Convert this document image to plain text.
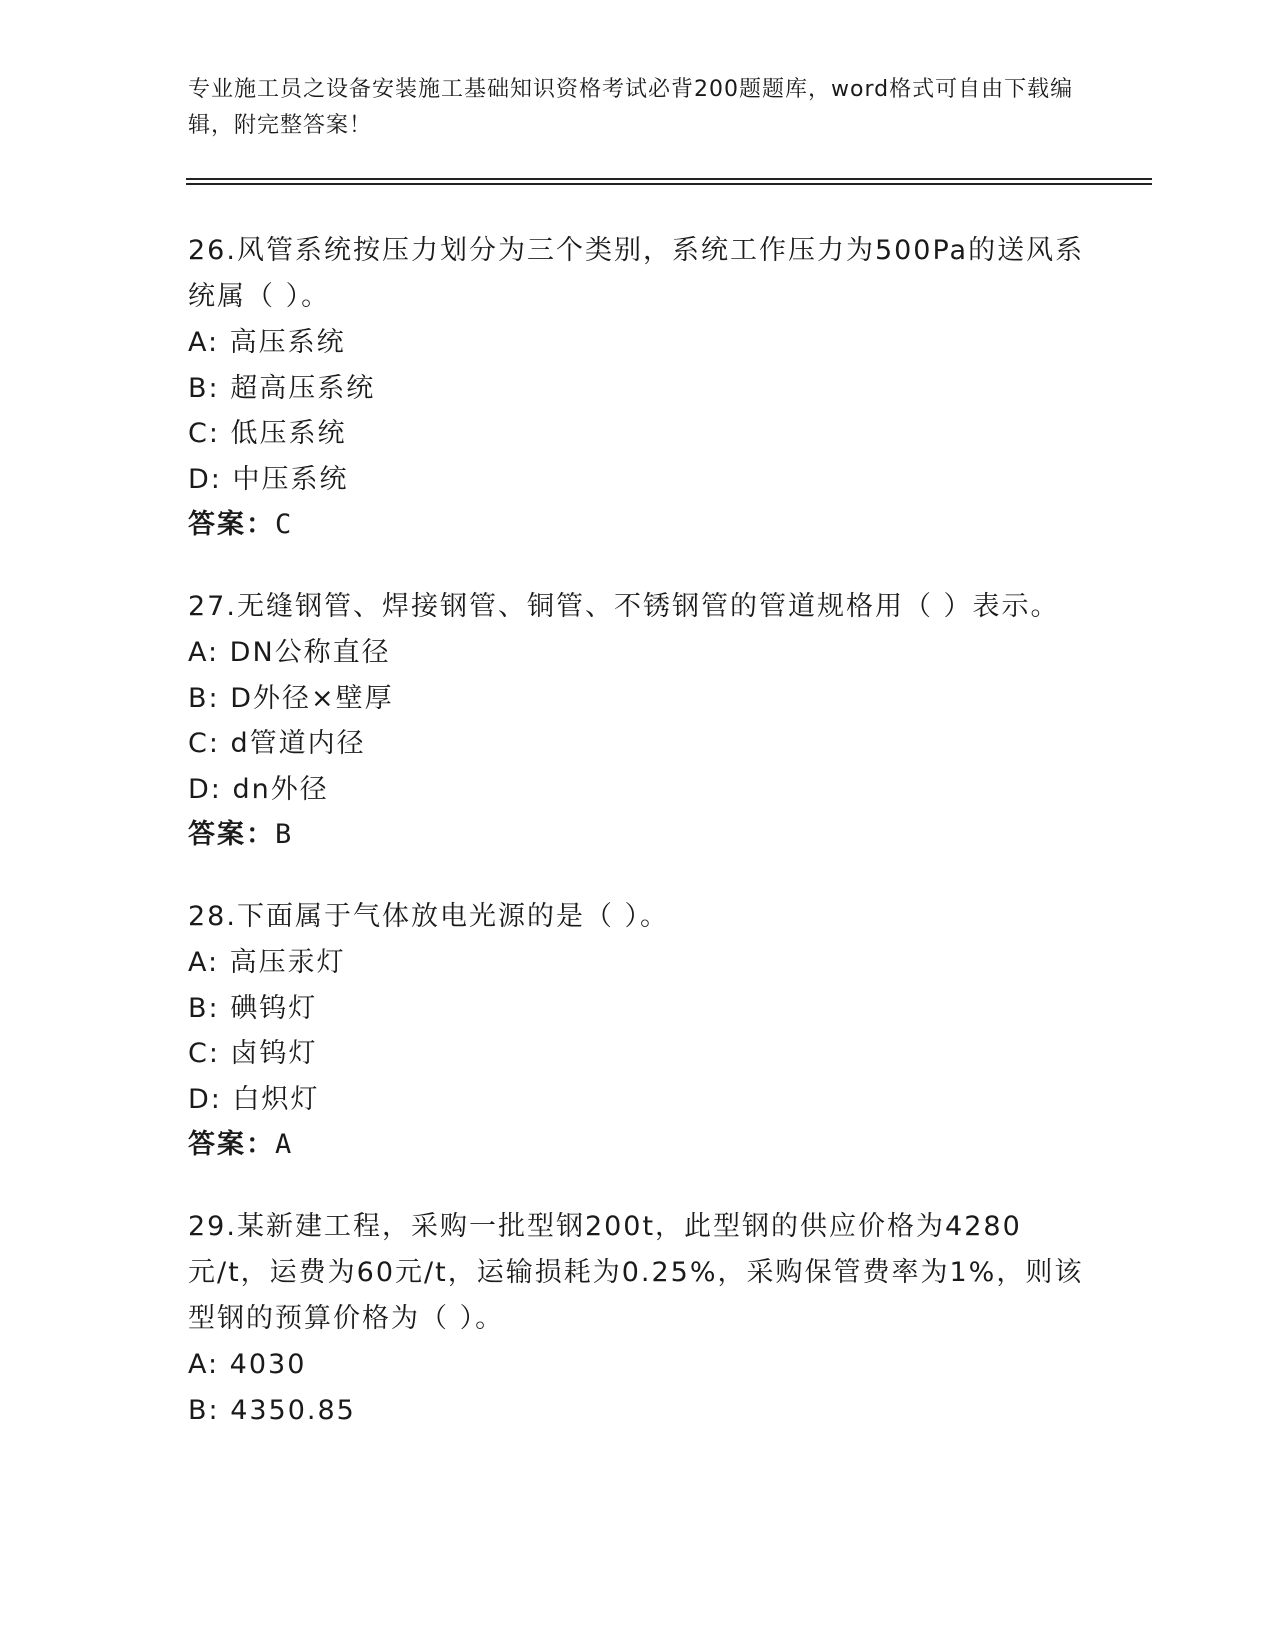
专业施工员之设备安装施工基础知识资格考试必背200题题库，word格式可自由下载编辑，附完整答案！
26.风管系统按压力划分为三个类别，系统工作压力为500Pa的送风系统属（ ）。
A: 高压系统
B: 超高压系统
C: 低压系统
D: 中压系统
答案：C
27.无缝钢管、焊接钢管、铜管、不锈钢管的管道规格用（ ）表示。
A: DN公称直径
B: D外径×壁厚
C: d管道内径
D: dn外径
答案：B
28.下面属于气体放电光源的是（ ）。
A: 高压汞灯
B: 碘钨灯
C: 卤钨灯
D: 白炽灯
答案：A
29.某新建工程，采购一批型钢200t，此型钢的供应价格为4280元/t，运费为60元/t，运输损耗为0.25%，采购保管费率为1%，则该型钢的预算价格为（ ）。
A: 4030
B: 4350.85
